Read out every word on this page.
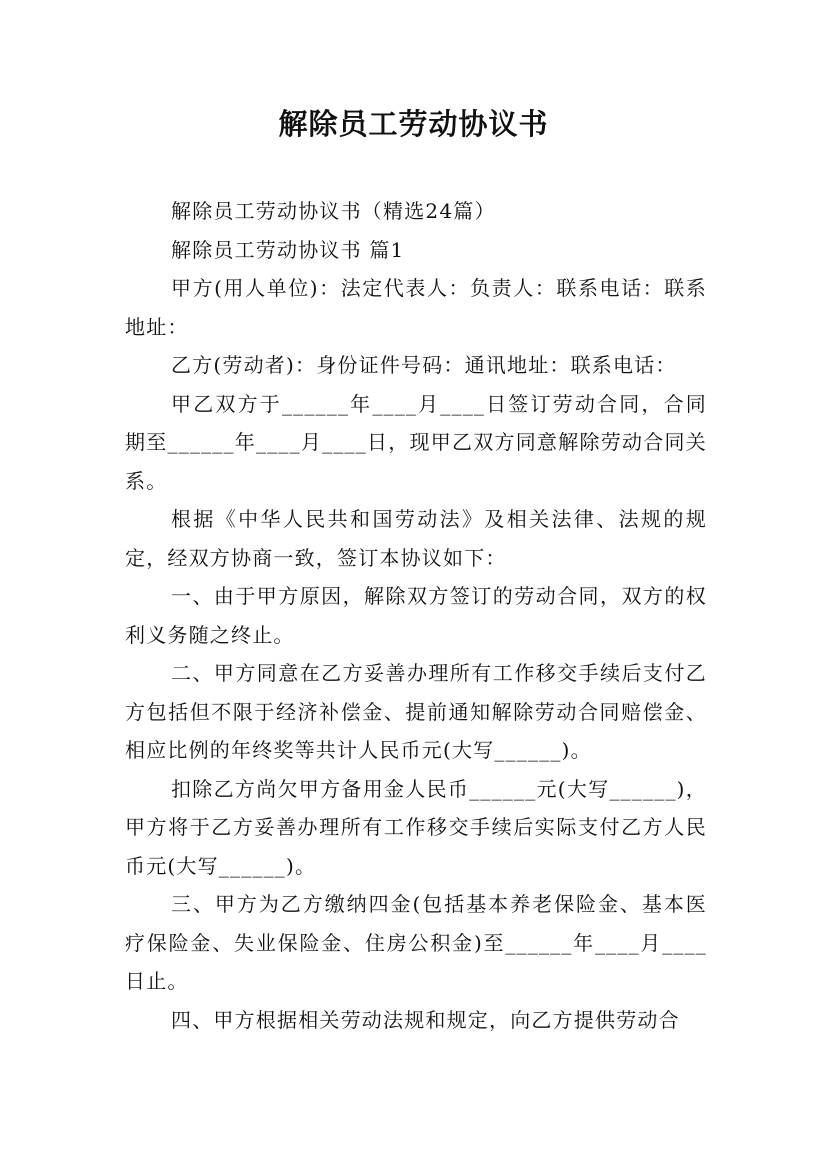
解除员工劳动协议书

解除员工劳动协议书（精选24篇）

解除员工劳动协议书 篇1

甲方(用人单位)：法定代表人：负责人：联系电话：联系地址：

乙方(劳动者)：身份证件号码：通讯地址：联系电话：

甲乙双方于______年____月____日签订劳动合同，合同期至______年____月____日，现甲乙双方同意解除劳动合同关系。

根据《中华人民共和国劳动法》及相关法律、法规的规定，经双方协商一致，签订本协议如下：

一、由于甲方原因，解除双方签订的劳动合同，双方的权利义务随之终止。

二、甲方同意在乙方妥善办理所有工作移交手续后支付乙方包括但不限于经济补偿金、提前通知解除劳动合同赔偿金、相应比例的年终奖等共计人民币元(大写______)。

扣除乙方尚欠甲方备用金人民币______元(大写______)，甲方将于乙方妥善办理所有工作移交手续后实际支付乙方人民币元(大写______)。

三、甲方为乙方缴纳四金(包括基本养老保险金、基本医疗保险金、失业保险金、住房公积金)至______年____月____日止。

四、甲方根据相关劳动法规和规定，向乙方提供劳动合
